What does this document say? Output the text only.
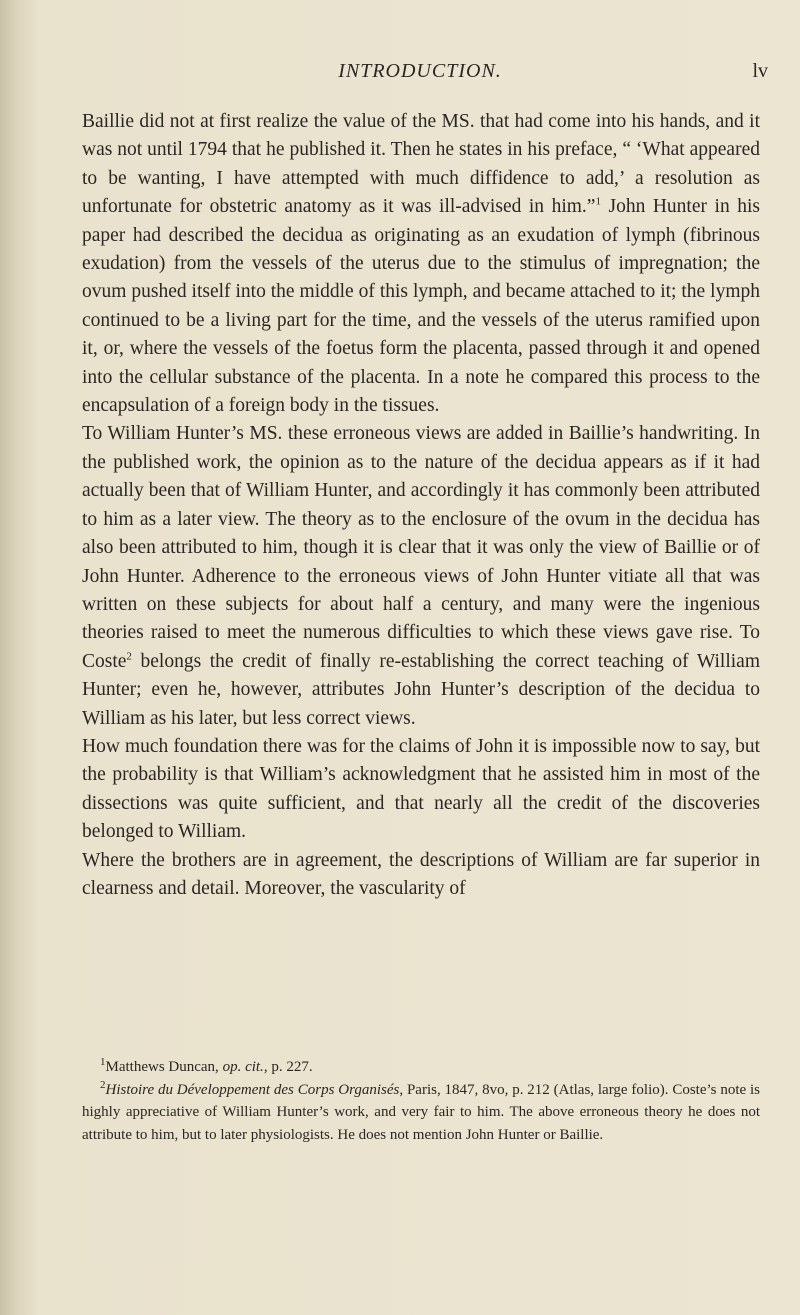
INTRODUCTION.	lv

Baillie did not at first realize the value of the MS. that had come into his hands, and it was not until 1794 that he published it. Then he states in his preface, “ ‘What appeared to be wanting, I have attempted with much diffidence to add,’ a resolution as unfortunate for obstetric anatomy as it was ill-advised in him.”$^1$ John Hunter in his paper had described the decidua as originating as an exudation of lymph (fibrinous exudation) from the vessels of the uterus due to the stimulus of impregnation; the ovum pushed itself into the middle of this lymph, and became attached to it; the lymph continued to be a living part for the time, and the vessels of the uterus ramified upon it, or, where the vessels of the foetus form the placenta, passed through it and opened into the cellular substance of the placenta. In a note he compared this process to the encapsulation of a foreign body in the tissues.

To William Hunter’s MS. these erroneous views are added in Baillie’s handwriting. In the published work, the opinion as to the nature of the decidua appears as if it had actually been that of William Hunter, and accordingly it has commonly been attributed to him as a later view. The theory as to the enclosure of the ovum in the decidua has also been attributed to him, though it is clear that it was only the view of Baillie or of John Hunter. Adherence to the erroneous views of John Hunter vitiate all that was written on these subjects for about half a century, and many were the ingenious theories raised to meet the numerous difficulties to which these views gave rise. To Coste$^2$ belongs the credit of finally re-establishing the correct teaching of William Hunter; even he, however, attributes John Hunter’s description of the decidua to William as his later, but less correct views.

How much foundation there was for the claims of John it is impossible now to say, but the probability is that William’s acknowledgment that he assisted him in most of the dissections was quite sufficient, and that nearly all the credit of the discoveries belonged to William.

Where the brothers are in agreement, the descriptions of William are far superior in clearness and detail. Moreover, the vascularity of

$^1$Matthews Duncan, op. cit., p. 227.

$^2$Histoire du Développement des Corps Organisés, Paris, 1847, 8vo, p. 212 (Atlas, large folio). Coste’s note is highly appreciative of William Hunter’s work, and very fair to him. The above erroneous theory he does not attribute to him, but to later physiologists. He does not mention John Hunter or Baillie.
